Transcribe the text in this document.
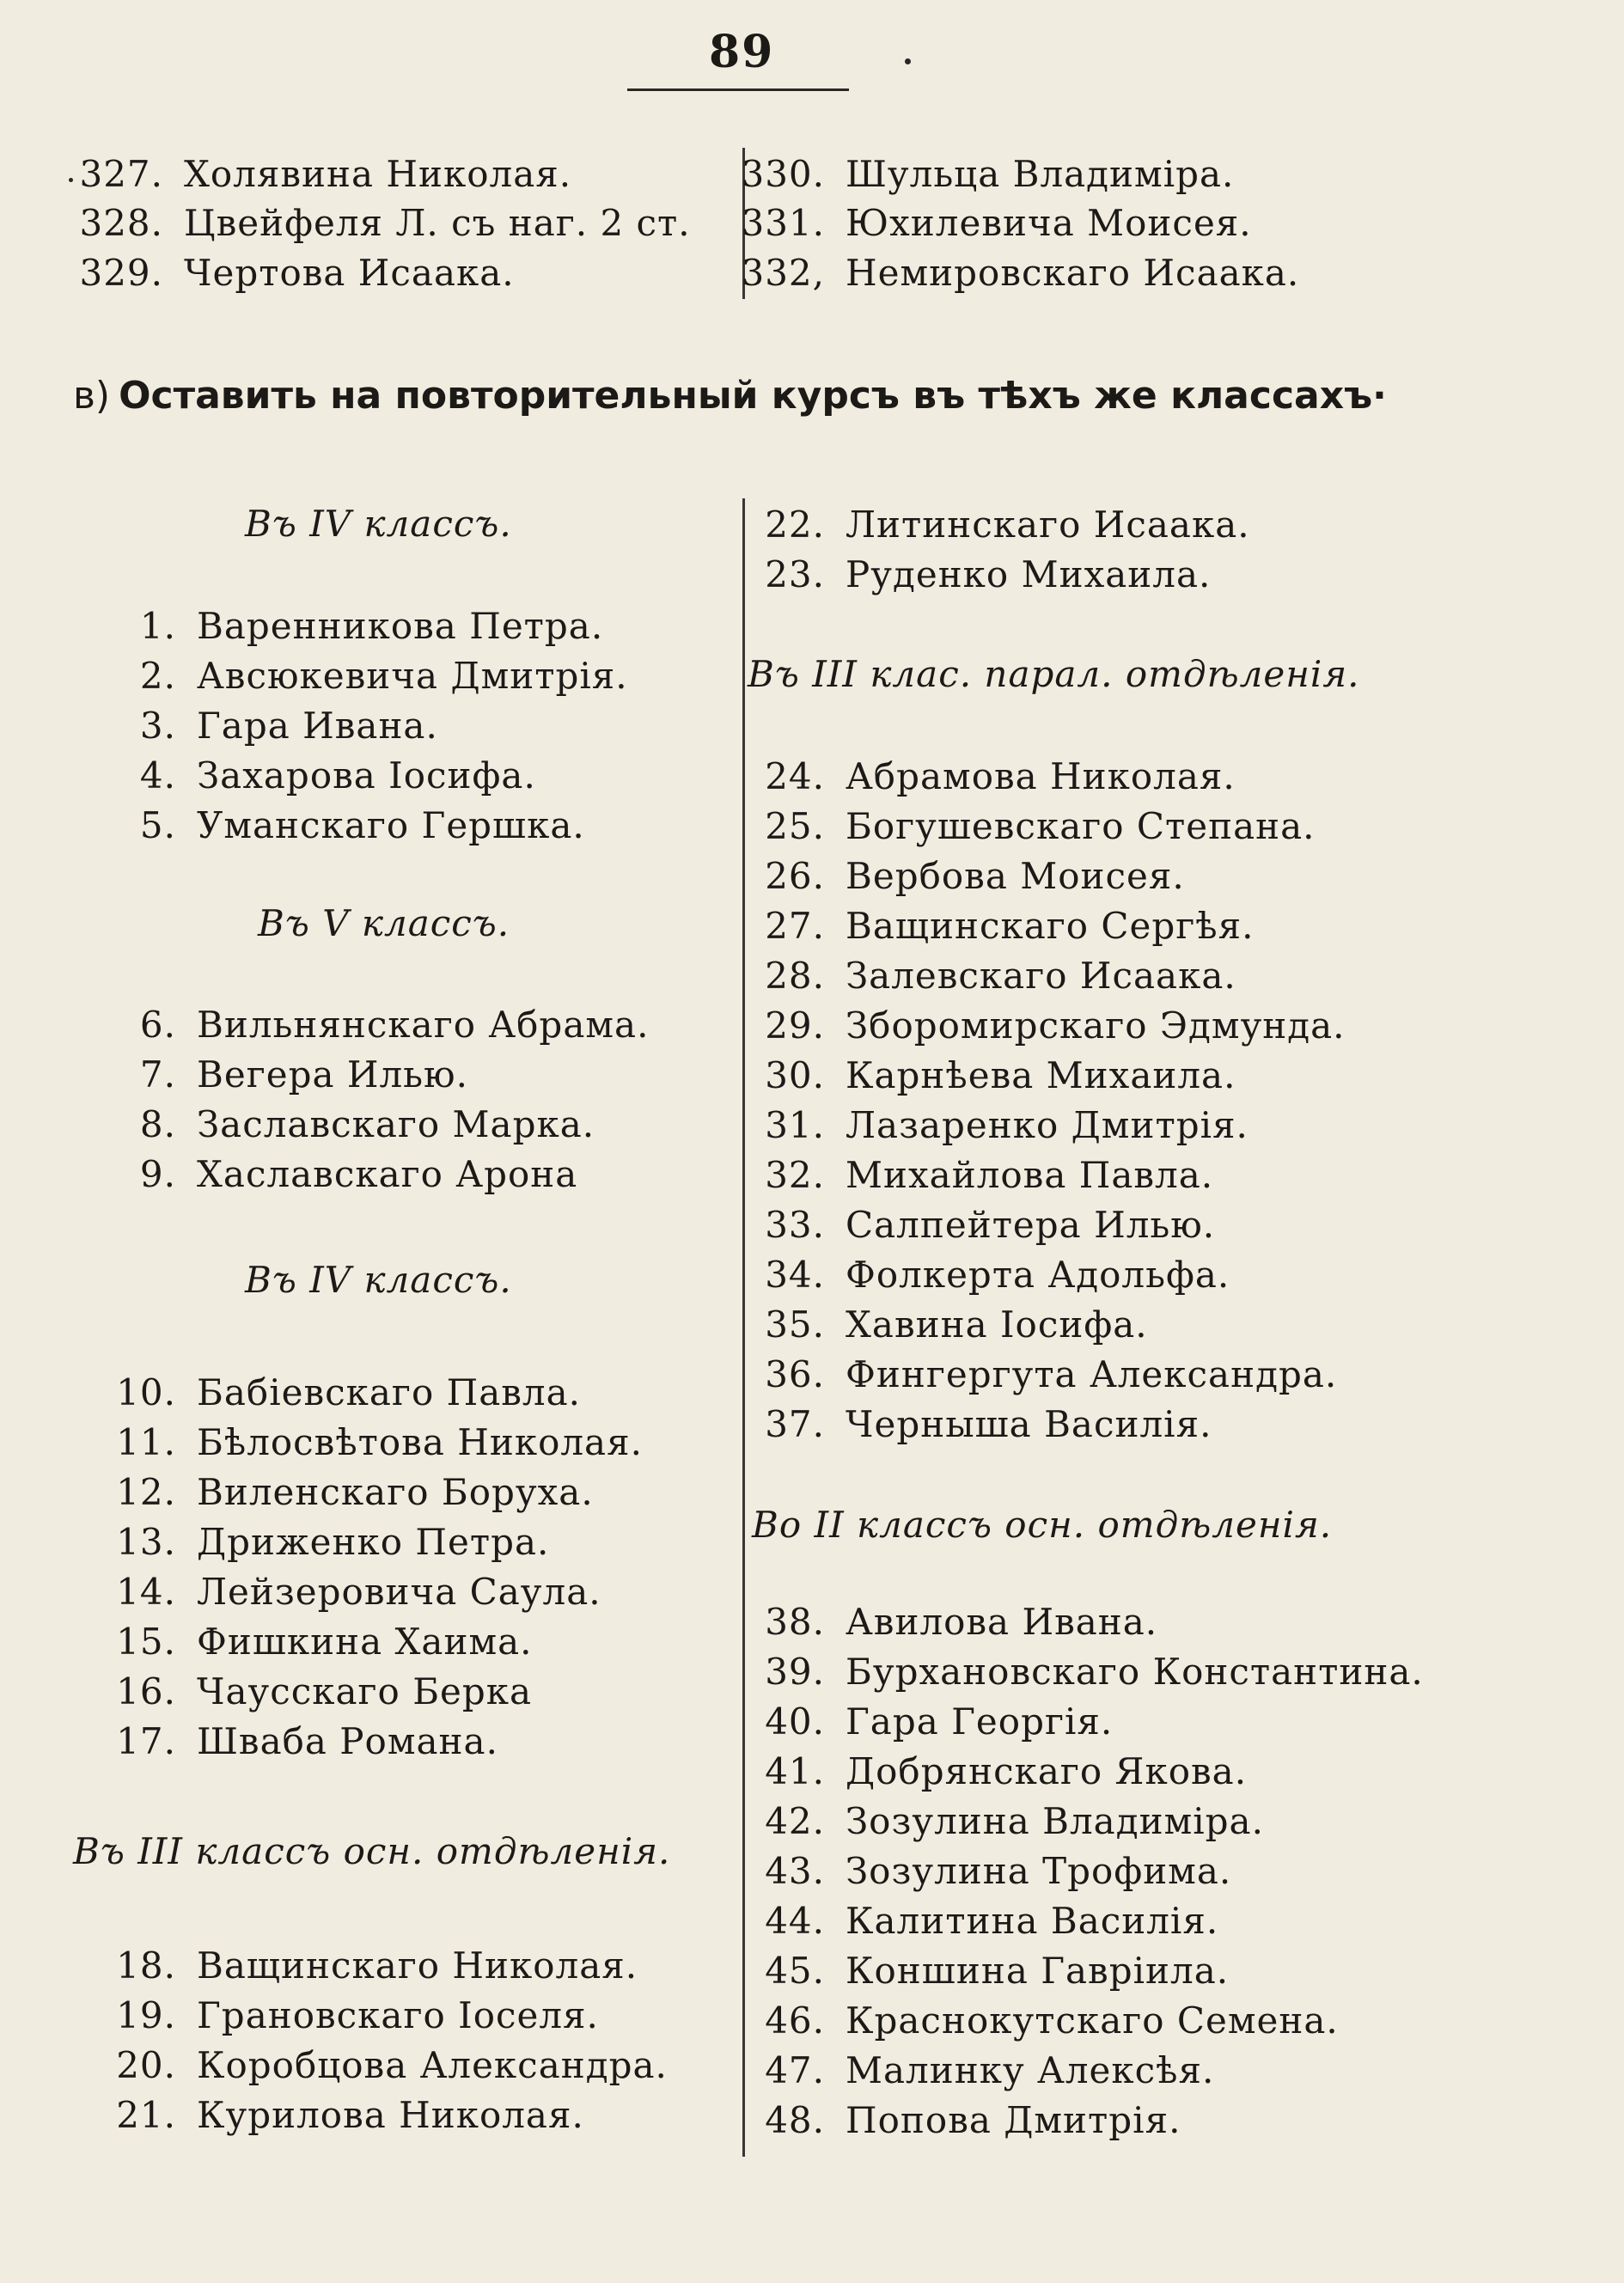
89
327. Холявина Николая.
328. Цвейфеля Л. съ наг. 2 ст.
329. Чертова Исаака.
330. Шульца Владиміра.
331. Юхилевича Моисея.
332, Немировскаго Исаака.
в) Оставить на повторительный курсъ въ тѣхъ же классахъ·
Въ IV классъ.
Въ V классъ.
Въ IV классъ.
Въ III классъ осн. отдѣленія.
Въ III клас. парал. отдѣленія.
Во II классъ осн. отдѣленія.
1. Варенникова Петра.
2. Авсюкевича Дмитрія.
3. Гара Ивана.
4. Захарова Іосифа.
5. Уманскаго Гершка.
6. Вильнянскаго Абрама.
7. Вегера Илью.
8. Заславскаго Марка.
9. Хаславскаго Арона
10. Бабіевскаго Павла.
11. Бѣлосвѣтова Николая.
12. Виленскаго Боруха.
13. Дриженко Петра.
14. Лейзеровича Саула.
15. Фишкина Хаима.
16. Чаусскаго Берка
17. Шваба Романа.
18. Ващинскаго Николая.
19. Грановскаго Іоселя.
20. Коробцова Александра.
21. Курилова Николая.
22. Литинскаго Исаака.
23. Руденко Михаила.
24. Абрамова Николая.
25. Богушевскаго Степана.
26. Вербова Моисея.
27. Ващинскаго Сергѣя.
28. Залевскаго Исаака.
29. Зборомирскаго Эдмунда.
30. Карнѣева Михаила.
31. Лазаренко Дмитрія.
32. Михайлова Павла.
33. Салпейтера Илью.
34. Фолкерта Адольфа.
35. Хавина Іосифа.
36. Фингергута Александра.
37. Черныша Василія.
38. Авилова Ивана.
39. Бурхановскаго Константина.
40. Гара Георгія.
41. Добрянскаго Якова.
42. Зозулина Владиміра.
43. Зозулина Трофима.
44. Калитина Василія.
45. Коншина Гавріила.
46. Краснокутскаго Семена.
47. Малинку Алексѣя.
48. Попова Дмитрія.
